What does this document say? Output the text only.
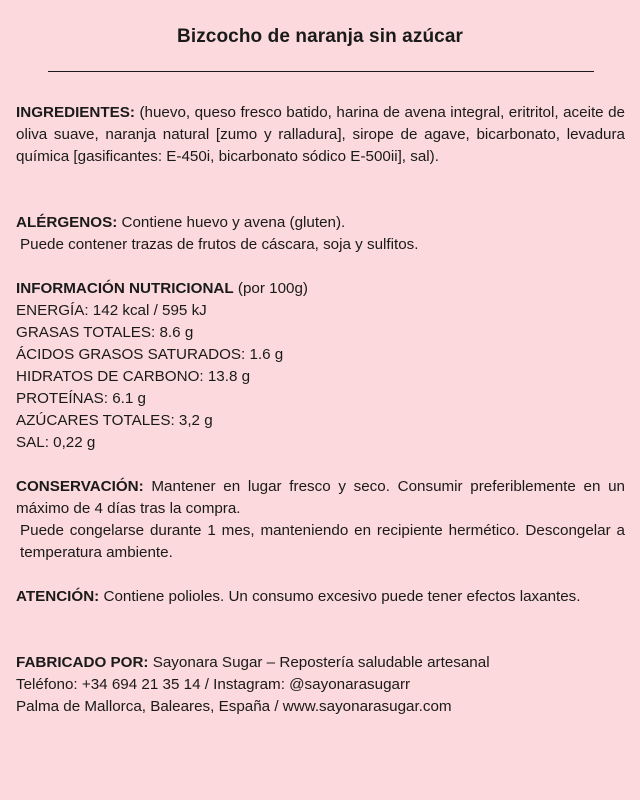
Bizcocho de naranja sin azúcar
INGREDIENTES: (huevo, queso fresco batido, harina de avena integral, eritritol, aceite de oliva suave, naranja natural [zumo y ralladura], sirope de agave, bicarbonato, levadura química [gasificantes: E-450i, bicarbonato sódico E-500ii], sal).
ALÉRGENOS: Contiene huevo y avena (gluten).
Puede contener trazas de frutos de cáscara, soja y sulfitos.
INFORMACIÓN NUTRICIONAL (por 100g)
ENERGÍA: 142 kcal / 595 kJ
GRASAS TOTALES: 8.6 g
ÁCIDOS GRASOS SATURADOS: 1.6 g
HIDRATOS DE CARBONO: 13.8 g
PROTEÍNAS: 6.1 g
AZÚCARES TOTALES: 3,2 g
SAL: 0,22 g
CONSERVACIÓN: Mantener en lugar fresco y seco. Consumir preferiblemente en un máximo de 4 días tras la compra.
Puede congelarse durante 1 mes, manteniendo en recipiente hermético. Descongelar a temperatura ambiente.
ATENCIÓN: Contiene polioles. Un consumo excesivo puede tener efectos laxantes.
FABRICADO POR: Sayonara Sugar – Repostería saludable artesanal
Teléfono: +34 694 21 35 14 / Instagram: @sayonarasugarr
Palma de Mallorca, Baleares, España / www.sayonarasugar.com
